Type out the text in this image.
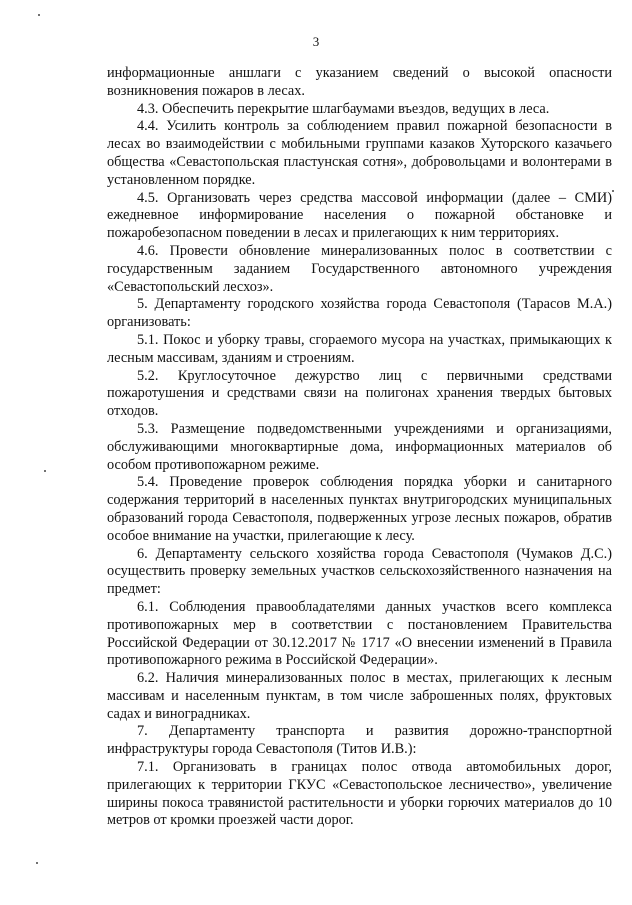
3

информационные аншлаги с указанием сведений о высокой опасности возникновения пожаров в лесах.

4.3. Обеспечить перекрытие шлагбаумами въездов, ведущих в леса.

4.4. Усилить контроль за соблюдением правил пожарной безопасности в лесах во взаимодействии с мобильными группами казаков Хуторского казачьего общества «Севастопольская пластунская сотня», добровольцами и волонтерами в установленном порядке.

4.5. Организовать через средства массовой информации (далее – СМИ) ежедневное информирование населения о пожарной обстановке и пожаробезопасном поведении в лесах и прилегающих к ним территориях.

4.6. Провести обновление минерализованных полос в соответствии с государственным заданием Государственного автономного учреждения «Севастопольский лесхоз».

5. Департаменту городского хозяйства города Севастополя (Тарасов М.А.) организовать:

5.1. Покос и уборку травы, сгораемого мусора на участках, примыкающих к лесным массивам, зданиям и строениям.

5.2. Круглосуточное дежурство лиц с первичными средствами пожаротушения и средствами связи на полигонах хранения твердых бытовых отходов.

5.3. Размещение подведомственными учреждениями и организациями, обслуживающими многоквартирные дома, информационных материалов об особом противопожарном режиме.

5.4. Проведение проверок соблюдения порядка уборки и санитарного содержания территорий в населенных пунктах внутригородских муниципальных образований города Севастополя, подверженных угрозе лесных пожаров, обратив особое внимание на участки, прилегающие к лесу.

6. Департаменту сельского хозяйства города Севастополя (Чумаков Д.С.) осуществить проверку земельных участков сельскохозяйственного назначения на предмет:

6.1. Соблюдения правообладателями данных участков всего комплекса противопожарных мер в соответствии с постановлением Правительства Российской Федерации от 30.12.2017 № 1717 «О внесении изменений в Правила противопожарного режима в Российской Федерации».

6.2. Наличия минерализованных полос в местах, прилегающих к лесным массивам и населенным пунктам, в том числе заброшенных полях, фруктовых садах и виноградниках.

7. Департаменту транспорта и развития дорожно-транспортной инфраструктуры города Севастополя (Титов И.В.):

7.1. Организовать в границах полос отвода автомобильных дорог, прилегающих к территории ГКУС «Севастопольское лесничество», увеличение ширины покоса травянистой растительности и уборки горючих материалов до 10 метров от кромки проезжей части дорог.
